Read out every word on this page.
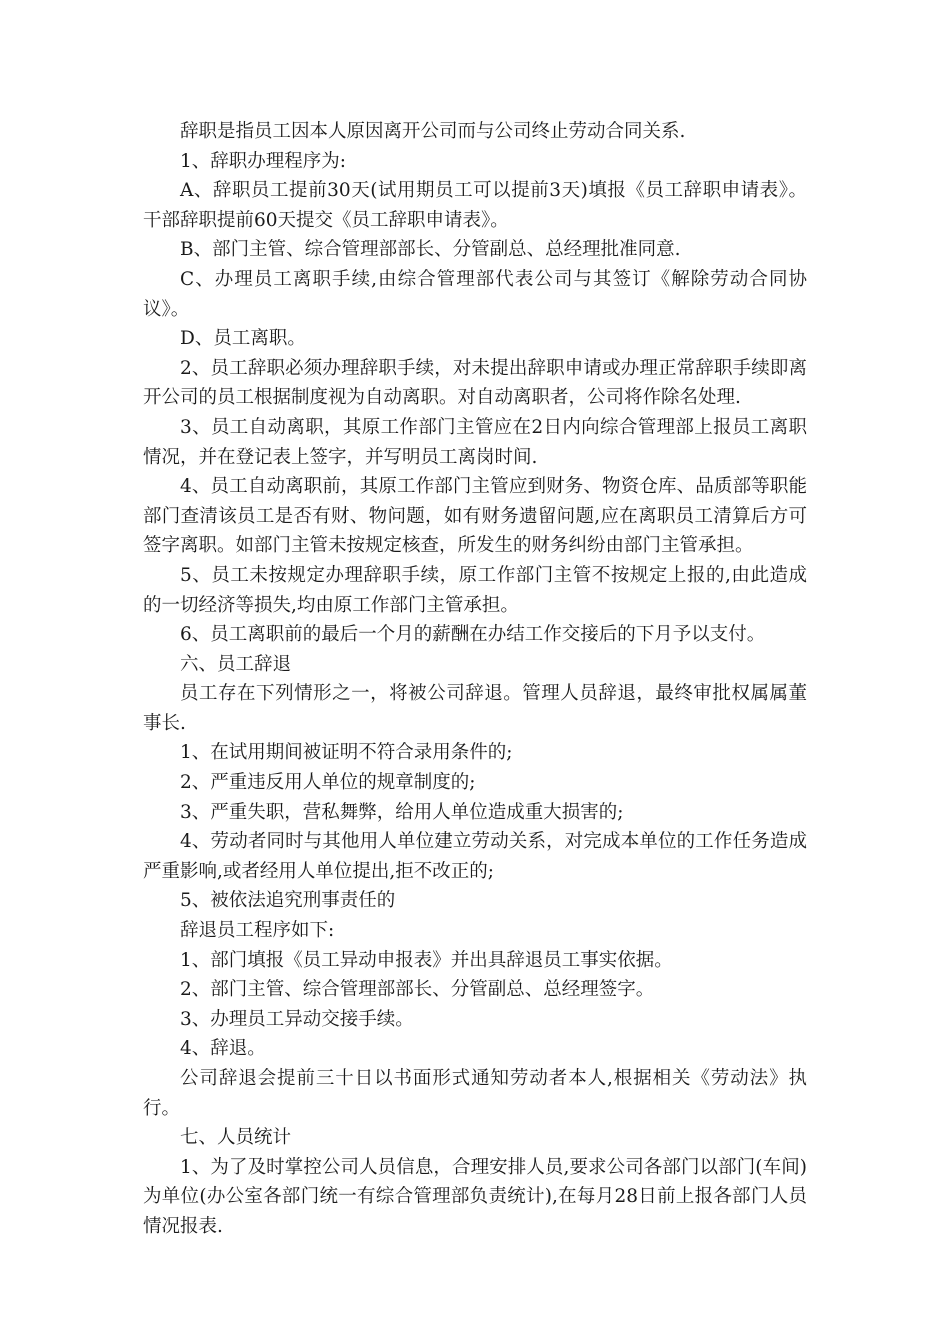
辞职是指员工因本人原因离开公司而与公司终止劳动合同关系.

1、辞职办理程序为:

A、辞职员工提前30天(试用期员工可以提前3天)填报《员工辞职申请表》。干部辞职提前60天提交《员工辞职申请表》。

B、部门主管、综合管理部部长、分管副总、总经理批准同意.

C、办理员工离职手续,由综合管理部代表公司与其签订《解除劳动合同协议》。

D、员工离职。

2、员工辞职必须办理辞职手续，对未提出辞职申请或办理正常辞职手续即离开公司的员工根据制度视为自动离职。对自动离职者，公司将作除名处理.

3、员工自动离职，其原工作部门主管应在2日内向综合管理部上报员工离职情况，并在登记表上签字，并写明员工离岗时间.

4、员工自动离职前，其原工作部门主管应到财务、物资仓库、品质部等职能部门查清该员工是否有财、物问题，如有财务遗留问题,应在离职员工清算后方可签字离职。如部门主管未按规定核查，所发生的财务纠纷由部门主管承担。

5、员工未按规定办理辞职手续，原工作部门主管不按规定上报的,由此造成的一切经济等损失,均由原工作部门主管承担。

6、员工离职前的最后一个月的薪酬在办结工作交接后的下月予以支付。

六、员工辞退

员工存在下列情形之一，将被公司辞退。管理人员辞退，最终审批权属属董事长.

1、在试用期间被证明不符合录用条件的;

2、严重违反用人单位的规章制度的;

3、严重失职，营私舞弊，给用人单位造成重大损害的;

4、劳动者同时与其他用人单位建立劳动关系，对完成本单位的工作任务造成严重影响,或者经用人单位提出,拒不改正的;

5、被依法追究刑事责任的

辞退员工程序如下:

1、部门填报《员工异动申报表》并出具辞退员工事实依据。

2、部门主管、综合管理部部长、分管副总、总经理签字。

3、办理员工异动交接手续。

4、辞退。

公司辞退会提前三十日以书面形式通知劳动者本人,根据相关《劳动法》执行。

七、人员统计

1、为了及时掌控公司人员信息，合理安排人员,要求公司各部门以部门(车间)为单位(办公室各部门统一有综合管理部负责统计),在每月28日前上报各部门人员情况报表.
